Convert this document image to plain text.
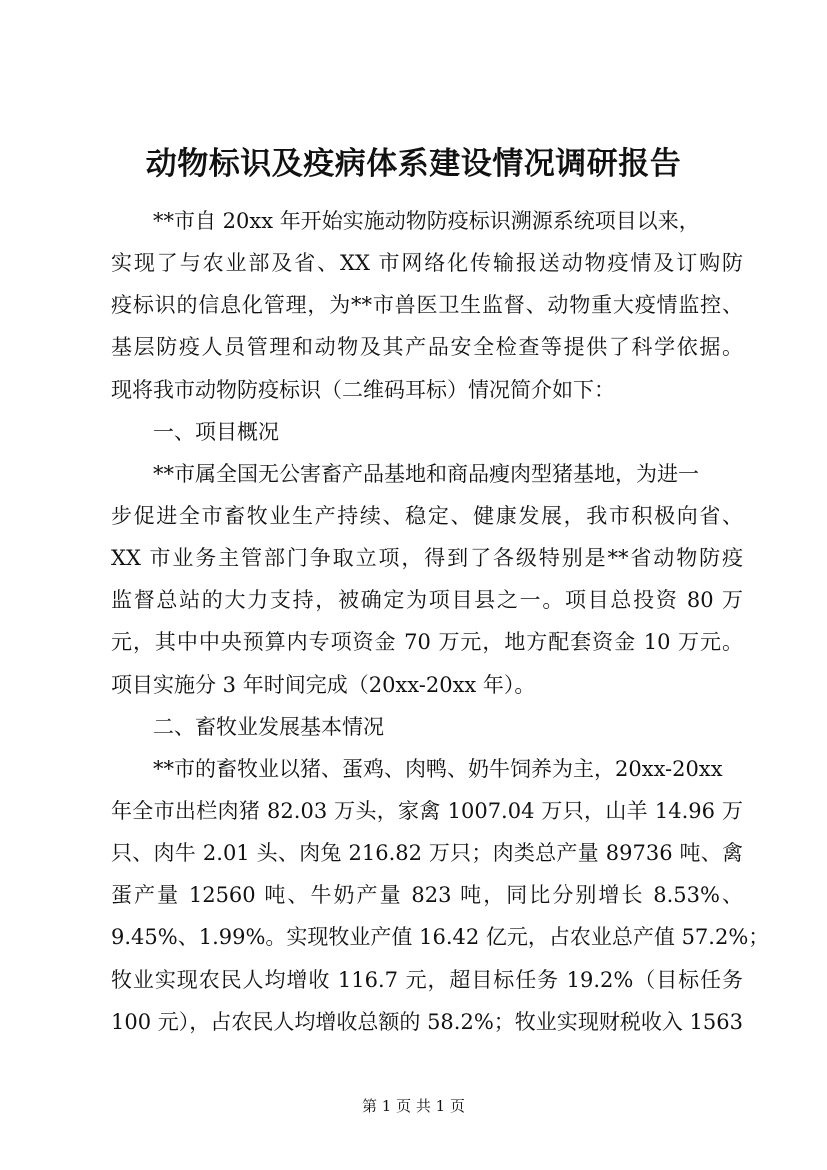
动物标识及疫病体系建设情况调研报告
**市自 20xx 年开始实施动物防疫标识溯源系统项目以来，
实现了与农业部及省、XX 市网络化传输报送动物疫情及订购防
疫标识的信息化管理，为**市兽医卫生监督、动物重大疫情监控、
基层防疫人员管理和动物及其产品安全检查等提供了科学依据。
现将我市动物防疫标识（二维码耳标）情况简介如下：
一、项目概况
**市属全国无公害畜产品基地和商品瘦肉型猪基地，为进一
步促进全市畜牧业生产持续、稳定、健康发展，我市积极向省、
XX 市业务主管部门争取立项，得到了各级特别是**省动物防疫
监督总站的大力支持，被确定为项目县之一。项目总投资 80 万
元，其中中央预算内专项资金 70 万元，地方配套资金 10 万元。
项目实施分 3 年时间完成（20xx-20xx 年）。
二、畜牧业发展基本情况
**市的畜牧业以猪、蛋鸡、肉鸭、奶牛饲养为主，20xx-20xx
年全市出栏肉猪 82.03 万头，家禽 1007.04 万只，山羊 14.96 万
只、肉牛 2.01 头、肉兔 216.82 万只；肉类总产量 89736 吨、禽
蛋产量 12560 吨、牛奶产量 823 吨，同比分别增长 8.53%、
9.45%、1.99%。实现牧业产值 16.42 亿元，占农业总产值 57.2%；
牧业实现农民人均增收 116.7 元，超目标任务 19.2%（目标任务
100 元），占农民人均增收总额的 58.2%；牧业实现财税收入 1563
第 1 页 共 1 页
